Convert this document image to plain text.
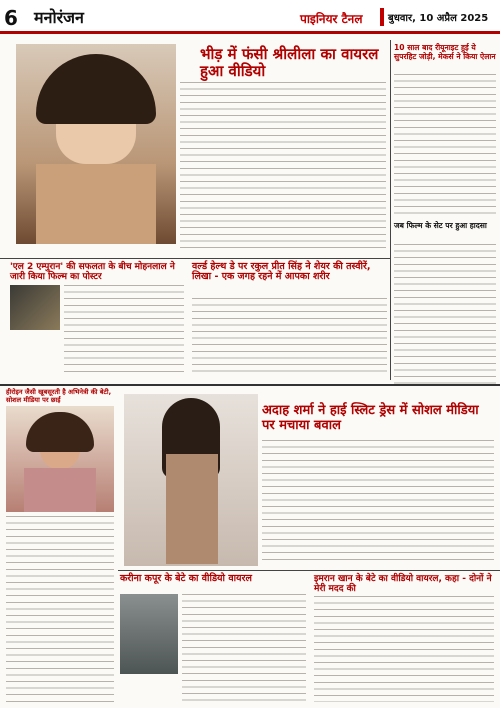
6	मनोरंजन	पाइनियर टैनल	बुधवार, 10 अप्रैल 2025
भीड़ में फंसी श्रीलीला का वायरल हुआ वीडियो
10 साल बाद रीयूनाइट हुई ये सुपरहिट जोड़ी, मेकर्स ने किया ऐलान
जब फिल्म के सेट पर हुआ हादसा
'एल 2 एम्पुरान' की सफलता के बीच मोहनलाल ने जारी किया फिल्म का पोस्टर
वर्ल्ड हेल्थ डे पर रकुल प्रीत सिंह ने शेयर की तस्वीरें, लिखा - एक जगह रहने में आपका शरीर
हीरोइन जैसी खूबसूरती है अभिनेत्री की बेटी, सोशल मीडिया पर छाईं
अदाह शर्मा ने हाई स्लिट ड्रेस में सोशल मीडिया पर मचाया बवाल
करीना कपूर के बेटे का वीडियो वायरल	इमरान खान के बेटे का वीडियो वायरल, कहा - दोनों ने मेरी मदद की
